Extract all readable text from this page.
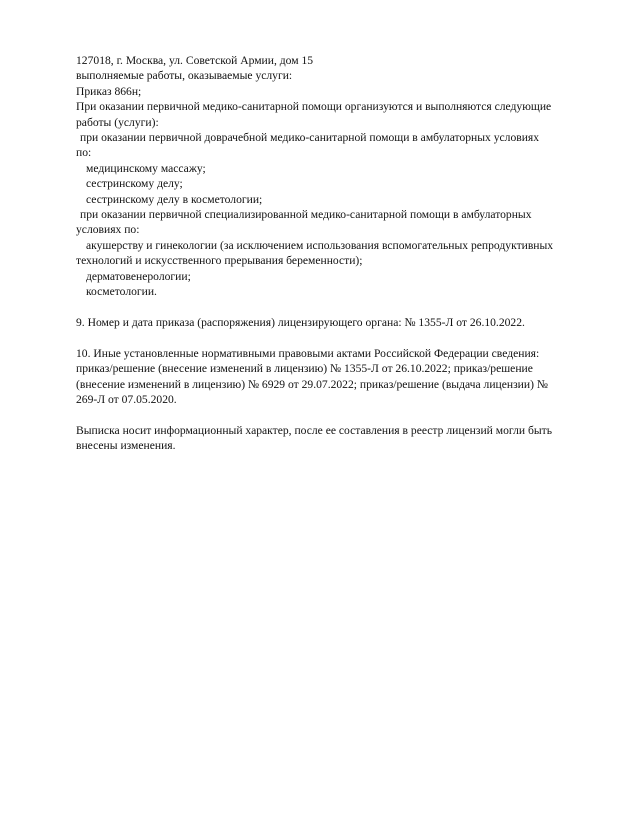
127018, г. Москва, ул. Советской Армии, дом 15
выполняемые работы, оказываемые услуги:
Приказ 866н;
При оказании первичной медико-санитарной помощи организуются и выполняются следующие
работы (услуги):
при оказании первичной доврачебной медико-санитарной помощи в амбулаторных условиях
по:
медицинскому массажу;
сестринскому делу;
сестринскому делу в косметологии;
при оказании первичной специализированной медико-санитарной помощи в амбулаторных
условиях по:
акушерству и гинекологии (за исключением использования вспомогательных репродуктивных
технологий и искусственного прерывания беременности);
дерматовенерологии;
косметологии.
9. Номер и дата приказа (распоряжения) лицензирующего органа: № 1355-Л от 26.10.2022.
10. Иные установленные нормативными правовыми актами Российской Федерации сведения:
приказ/решение (внесение изменений в лицензию) № 1355-Л от 26.10.2022; приказ/решение
(внесение изменений в лицензию) № 6929 от 29.07.2022; приказ/решение (выдача лицензии) №
269-Л от 07.05.2020.
Выписка носит информационный характер, после ее составления в реестр лицензий могли быть
внесены изменения.
